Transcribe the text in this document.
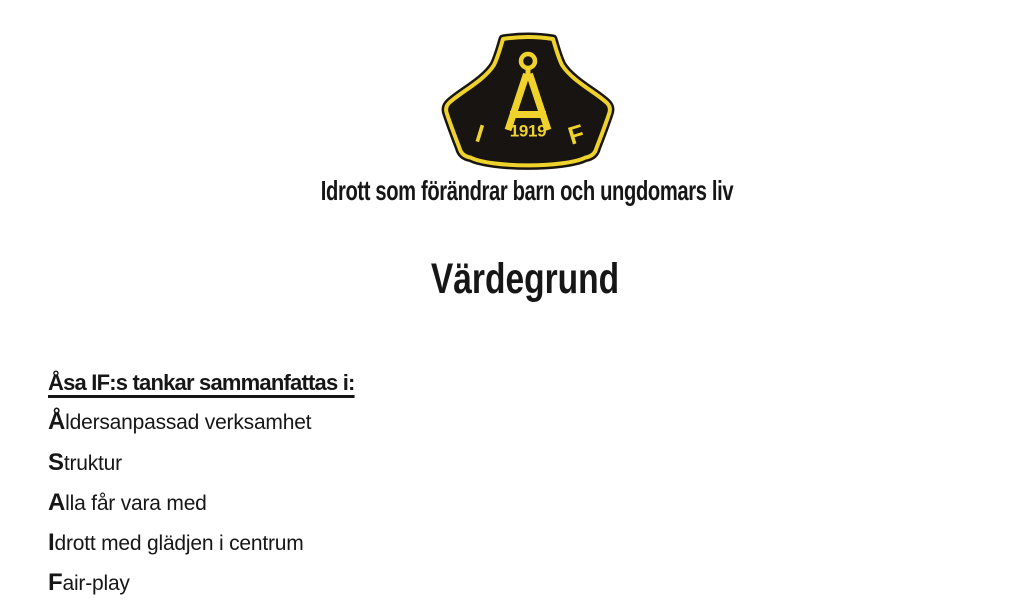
I	F
1919
Idrott som förändrar barn och ungdomars liv
Värdegrund
Åsa IF:s tankar sammanfattas i:
Åldersanpassad verksamhet
Struktur
Alla får vara med
Idrott med glädjen i centrum
Fair-play
